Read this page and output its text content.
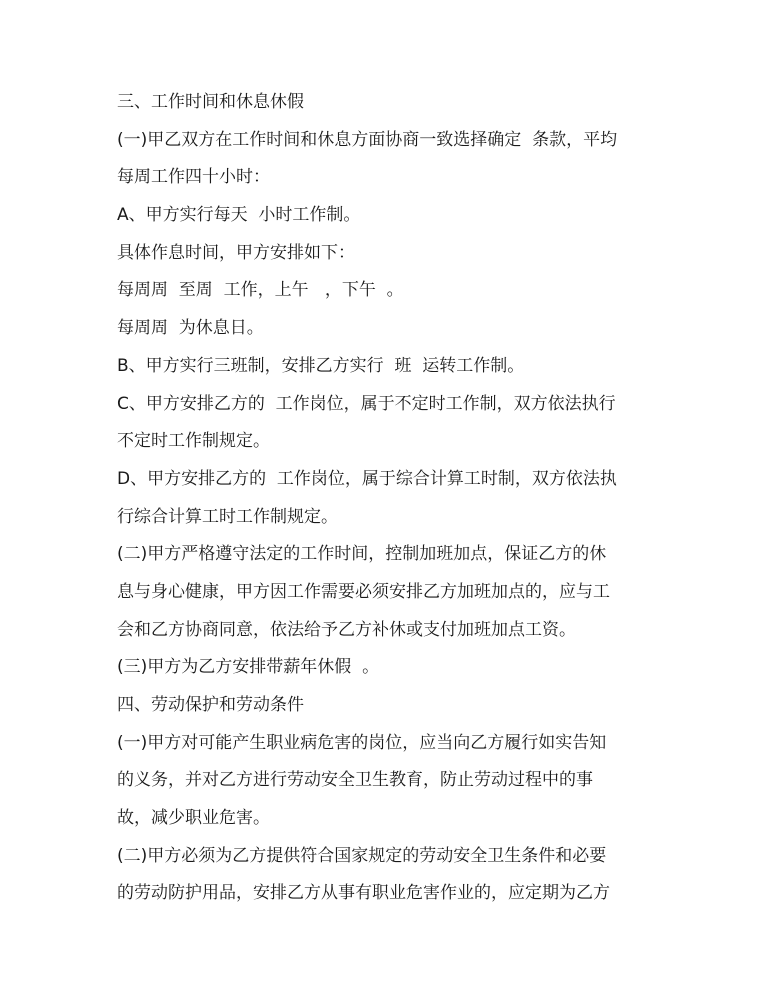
三、工作时间和休息休假

(一)甲乙双方在工作时间和休息方面协商一致选择确定  条款，平均

每周工作四十小时：

A、甲方实行每天  小时工作制。

具体作息时间，甲方安排如下：

每周周  至周  工作，上午   ，下午  。

每周周  为休息日。

B、甲方实行三班制，安排乙方实行  班  运转工作制。

C、甲方安排乙方的  工作岗位，属于不定时工作制，双方依法执行

不定时工作制规定。

D、甲方安排乙方的  工作岗位，属于综合计算工时制，双方依法执

行综合计算工时工作制规定。

(二)甲方严格遵守法定的工作时间，控制加班加点，保证乙方的休

息与身心健康，甲方因工作需要必须安排乙方加班加点的，应与工

会和乙方协商同意，依法给予乙方补休或支付加班加点工资。

(三)甲方为乙方安排带薪年休假  。

四、劳动保护和劳动条件

(一)甲方对可能产生职业病危害的岗位，应当向乙方履行如实告知

的义务，并对乙方进行劳动安全卫生教育，防止劳动过程中的事

故，减少职业危害。

(二)甲方必须为乙方提供符合国家规定的劳动安全卫生条件和必要

的劳动防护用品，安排乙方从事有职业危害作业的，应定期为乙方
